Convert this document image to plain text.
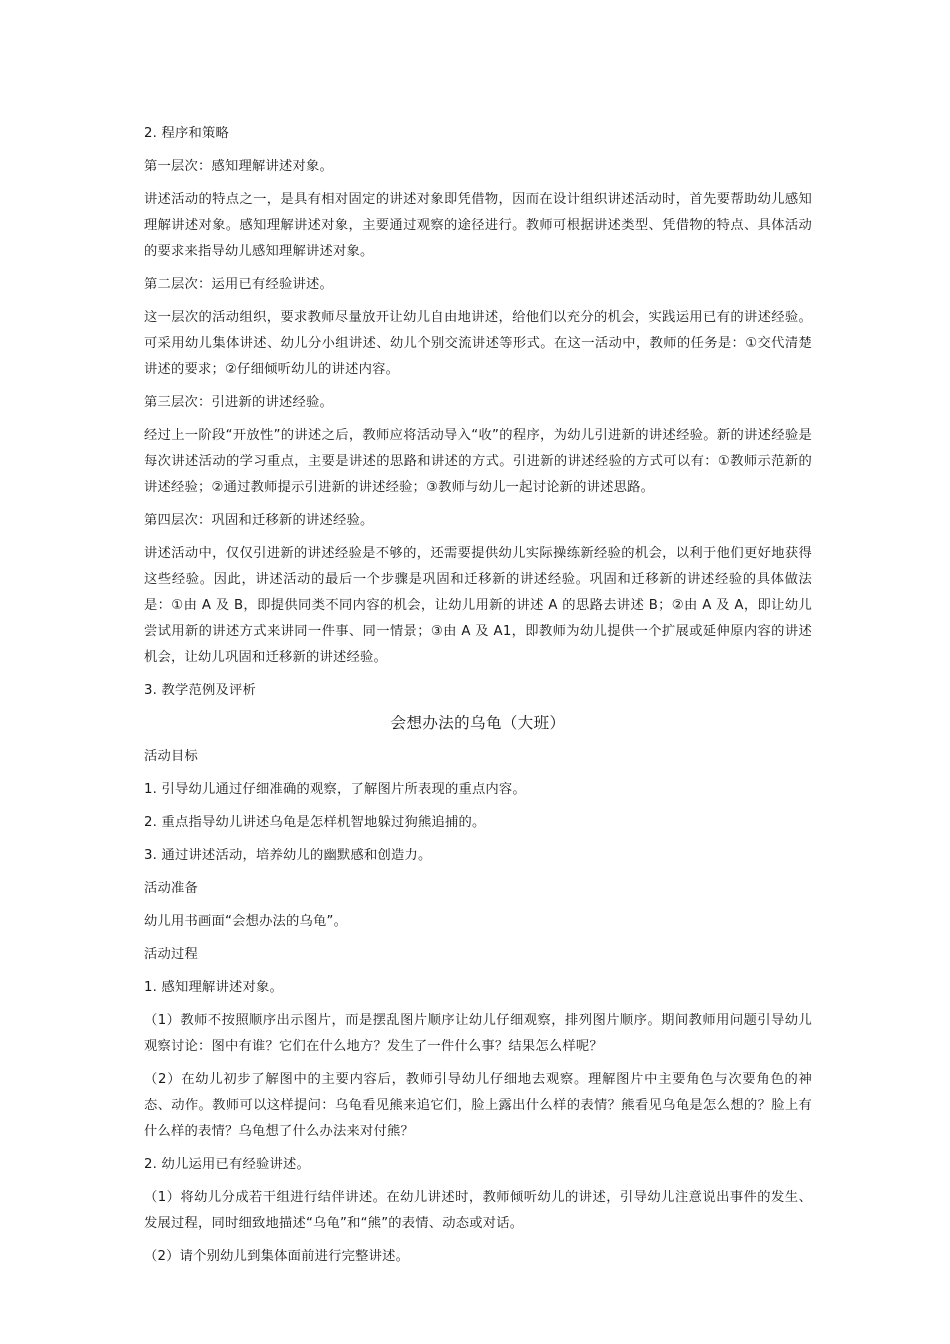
2. 程序和策略

第一层次：感知理解讲述对象。

讲述活动的特点之一，是具有相对固定的讲述对象即凭借物，因而在设计组织讲述活动时，首先要帮助幼儿感知理解讲述对象。感知理解讲述对象，主要通过观察的途径进行。教师可根据讲述类型、凭借物的特点、具体活动的要求来指导幼儿感知理解讲述对象。

第二层次：运用已有经验讲述。

这一层次的活动组织，要求教师尽量放开让幼儿自由地讲述，给他们以充分的机会，实践运用已有的讲述经验。可采用幼儿集体讲述、幼儿分小组讲述、幼儿个别交流讲述等形式。在这一活动中，教师的任务是：①交代清楚讲述的要求；②仔细倾听幼儿的讲述内容。

第三层次：引进新的讲述经验。

经过上一阶段“开放性”的讲述之后，教师应将活动导入“收”的程序，为幼儿引进新的讲述经验。新的讲述经验是每次讲述活动的学习重点，主要是讲述的思路和讲述的方式。引进新的讲述经验的方式可以有：①教师示范新的讲述经验；②通过教师提示引进新的讲述经验；③教师与幼儿一起讨论新的讲述思路。

第四层次：巩固和迁移新的讲述经验。

讲述活动中，仅仅引进新的讲述经验是不够的，还需要提供幼儿实际操练新经验的机会，以利于他们更好地获得这些经验。因此，讲述活动的最后一个步骤是巩固和迁移新的讲述经验。巩固和迁移新的讲述经验的具体做法是：①由 A 及 B，即提供同类不同内容的机会，让幼儿用新的讲述 A 的思路去讲述 B；②由 A 及 A，即让幼儿尝试用新的讲述方式来讲同一件事、同一情景；③由 A 及 A1，即教师为幼儿提供一个扩展或延伸原内容的讲述机会，让幼儿巩固和迁移新的讲述经验。

3. 教学范例及评析

会想办法的乌龟（大班）

活动目标

1. 引导幼儿通过仔细准确的观察，了解图片所表现的重点内容。

2. 重点指导幼儿讲述乌龟是怎样机智地躲过狗熊追捕的。

3. 通过讲述活动，培养幼儿的幽默感和创造力。

活动准备

幼儿用书画面“会想办法的乌龟”。

活动过程

1. 感知理解讲述对象。

（1）教师不按照顺序出示图片，而是摆乱图片顺序让幼儿仔细观察，排列图片顺序。期间教师用问题引导幼儿观察讨论：图中有谁？它们在什么地方？发生了一件什么事？结果怎么样呢？

（2）在幼儿初步了解图中的主要内容后，教师引导幼儿仔细地去观察。理解图片中主要角色与次要角色的神态、动作。教师可以这样提问：乌龟看见熊来追它们，脸上露出什么样的表情？熊看见乌龟是怎么想的？脸上有什么样的表情？乌龟想了什么办法来对付熊？

2. 幼儿运用已有经验讲述。

（1）将幼儿分成若干组进行结伴讲述。在幼儿讲述时，教师倾听幼儿的讲述，引导幼儿注意说出事件的发生、发展过程，同时细致地描述“乌龟”和“熊”的表情、动态或对话。

（2）请个别幼儿到集体面前进行完整讲述。
